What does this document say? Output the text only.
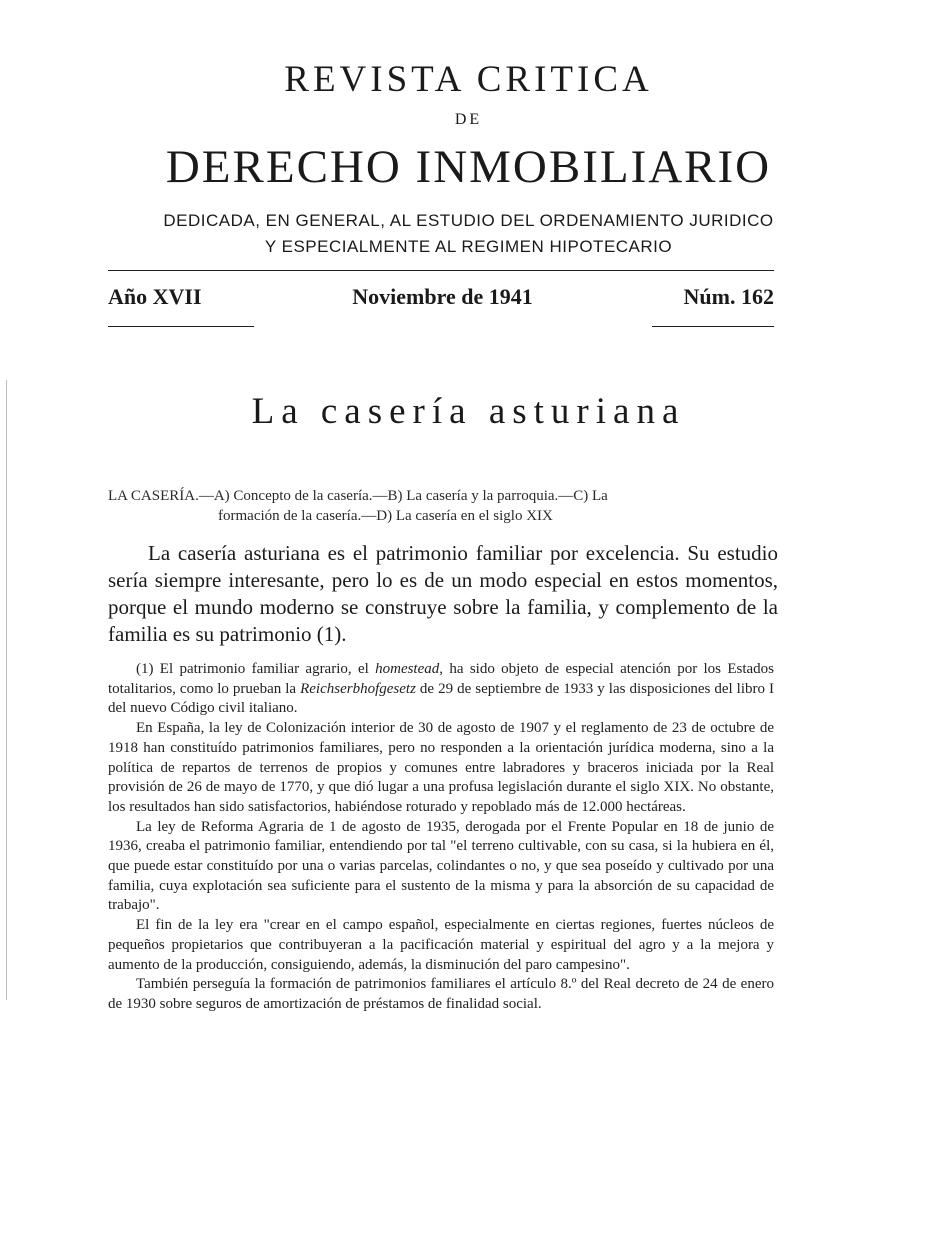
REVISTA CRITICA
DE
DERECHO INMOBILIARIO
DEDICADA, EN GENERAL, AL ESTUDIO DEL ORDENAMIENTO JURIDICO
Y ESPECIALMENTE AL REGIMEN HIPOTECARIO
Año XVII	Noviembre de 1941	Núm. 162
La casería asturiana
LA CASERÍA.—A) Concepto de la casería.—B) La casería y la parroquia.—C) La
formación de la casería.—D) La casería en el siglo XIX
La casería asturiana es el patrimonio familiar por excelencia. Su estudio sería siempre interesante, pero lo es de un modo especial en estos momentos, porque el mundo moderno se construye sobre la familia, y complemento de la familia es su patrimonio (1).

(1) El patrimonio familiar agrario, el homestead, ha sido objeto de especial atención por los Estados totalitarios, como lo prueban la Reichserbhofgesetz de 29 de septiembre de 1933 y las disposiciones del libro I del nuevo Código civil italiano.

En España, la ley de Colonización interior de 30 de agosto de 1907 y el reglamento de 23 de octubre de 1918 han constituído patrimonios familiares, pero no responden a la orientación jurídica moderna, sino a la política de repartos de terrenos de propios y comunes entre labradores y braceros iniciada por la Real provisión de 26 de mayo de 1770, y que dió lugar a una profusa legislación durante el siglo XIX. No obstante, los resultados han sido satisfactorios, habiéndose roturado y repoblado más de 12.000 hectáreas.

La ley de Reforma Agraria de 1 de agosto de 1935, derogada por el Frente Popular en 18 de junio de 1936, creaba el patrimonio familiar, entendiendo por tal "el terreno cultivable, con su casa, si la hubiera en él, que puede estar constituído por una o varias parcelas, colindantes o no, y que sea poseído y cultivado por una familia, cuya explotación sea suficiente para el sustento de la misma y para la absorción de su capacidad de trabajo".

El fin de la ley era "crear en el campo español, especialmente en ciertas regiones, fuertes núcleos de pequeños propietarios que contribuyeran a la pacificación material y espiritual del agro y a la mejora y aumento de la producción, consiguiendo, además, la disminución del paro campesino".

También perseguía la formación de patrimonios familiares el artículo 8.º del Real decreto de 24 de enero de 1930 sobre seguros de amortización de préstamos de finalidad social.
